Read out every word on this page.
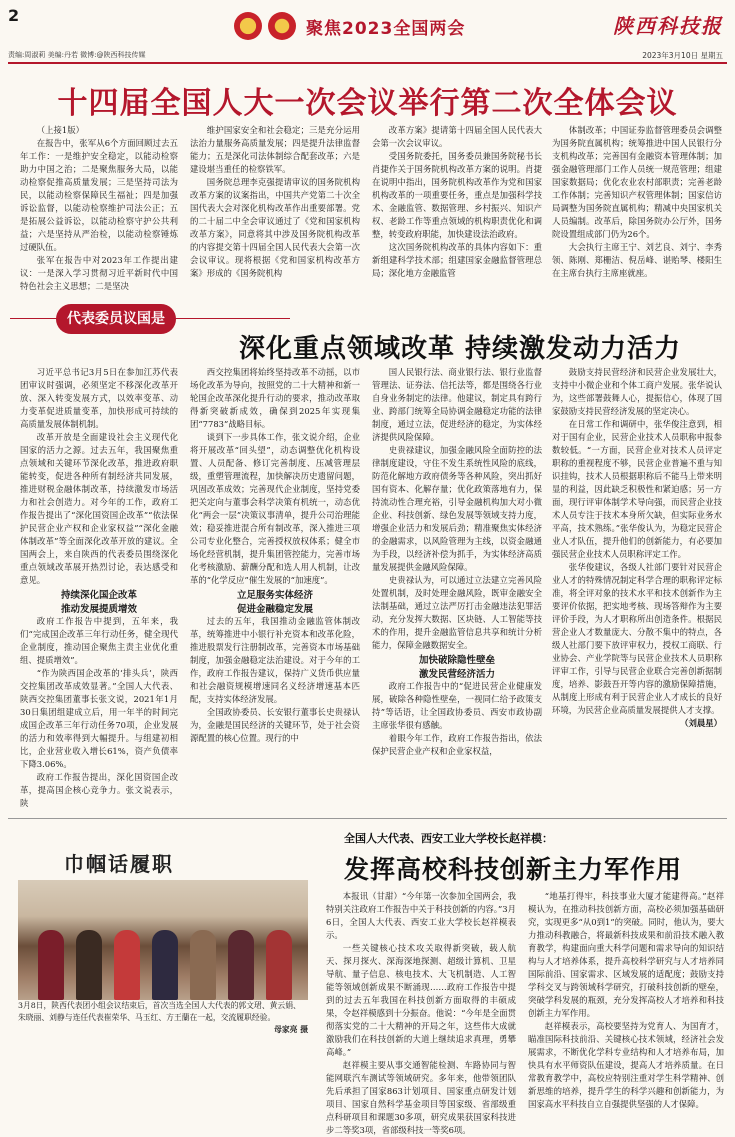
2
聚焦2023全国两会	陕西科技报
责编:周淑莉 美编:丹若 微博:@陕西科技传媒	2023年3月10日 星期五
十四届全国人大一次会议举行第二次全体会议

（上接1版）

在报告中，张军从6个方面回顾过去五年工作：一是维护安全稳定，以能动检察助力中国之治；二是聚焦服务大局，以能动检察促推高质量发展；三是坚持司法为民，以能动检察保障民生福祉；四是加强诉讼监督，以能动检察维护司法公正；五是拓展公益诉讼，以能动检察守护公共利益；六是坚持从严治检，以能动检察锤炼过硬队伍。

张军在报告中对2023年工作提出建议：一是深入学习贯彻习近平新时代中国特色社会主义思想；二是坚决

维护国家安全和社会稳定；三是充分运用法治力量服务高质量发展；四是提升法律监督能力；五是深化司法体制综合配套改革；六是建设堪当重任的检察铁军。

国务院总理李克强提请审议的国务院机构改革方案的议案指出，中国共产党第二十次全国代表大会对深化机构改革作出重要部署。党的二十届二中全会审议通过了《党和国家机构改革方案》，同意将其中涉及国务院机构改革的内容提交第十四届全国人民代表大会第一次会议审议。现将根据《党和国家机构改革方案》形成的《国务院机构

改革方案》提请第十四届全国人民代表大会第一次会议审议。

受国务院委托，国务委员兼国务院秘书长肖捷作关于国务院机构改革方案的说明。肖捷在说明中指出，国务院机构改革作为党和国家机构改革的一项重要任务，重点是加强科学技术、金融监管、数据管理、乡村振兴、知识产权、老龄工作等重点领域的机构职责优化和调整，转变政府职能，加快建设法治政府。

这次国务院机构改革的具体内容如下：重新组建科学技术部；组建国家金融监督管理总局；深化地方金融监管

体制改革；中国证券监督管理委员会调整为国务院直属机构；统筹推进中国人民银行分支机构改革；完善国有金融资本管理体制；加强金融管理部门工作人员统一规范管理；组建国家数据局；优化农业农村部职责；完善老龄工作体制；完善知识产权管理体制；国家信访局调整为国务院直属机构；精减中央国家机关人员编制。改革后，除国务院办公厅外，国务院设置组成部门仍为26个。

大会执行主席王宁、刘艺良、刘宁、李秀领、陈刚、郑栅洁、倪岳峰、谌贻琴、楼阳生在主席台执行主席座就座。

代表委员议国是
深化重点领域改革 持续激发动力活力

习近平总书记3月5日在参加江苏代表团审议时强调，必须坚定不移深化改革开放、深入转变发展方式，以效率变革、动力变革促进质量变革，加快形成可持续的高质量发展体制机制。

改革开放是全面建设社会主义现代化国家的活力之源。过去五年，我国聚焦重点领域和关键环节深化改革，推进政府职能转变，促进各种所有制经济共同发展，推进财税金融体制改革，持续激发市场活力和社会创造力。对今年的工作，政府工作报告提出了“深化国资国企改革”“依法保护民营企业产权和企业家权益”“深化金融体制改革”等全面深化改革开放的建议。全国两会上，来自陕西的代表委员围绕深化重点领域改革展开热烈讨论，表达感受和意见。

持续深化国企改革
推动发展提质增效

政府工作报告中提到，五年来，我们“完成国企改革三年行动任务，健全现代企业制度，推动国企聚焦主责主业优化重组、提质增效”。

“作为陕西国企改革的‘排头兵’，陕西交控集团改革成效显著。”全国人大代表、陕西交控集团董事长张文说，2021年1月30日集团组建成立后，用一年半的时间完成国企改革三年行动任务70项，企业发展的活力和效率得到大幅提升。与组建初相比，企业营业收入增长61%，资产负债率下降3.06%。

政府工作报告提出，深化国资国企改革，提高国企核心竞争力。张文说表示，陕

西交控集团将始终坚持改革不动摇，以市场化改革为导向，按照党的二十大精神和新一轮国企改革深化提升行动的要求，推动改革取得新突破新成效，确保到2025年实现集团“7783”战略目标。

谈到下一步具体工作，张文说介绍，企业将开展改革“回头望”，动态调整优化机构设置、人员配备、修订完善制度、压减管理层级，重塑管理流程，加快解决历史遗留问题，巩固改革成效；完善现代企业制度，坚持党委把关定向与董事会科学决策有机统一，动态优化“两会一层”决策议事清单，提升公司治理能效；稳妥推进混合所有制改革，深入推进三项公司专业化整合，完善授权放权体系；健全市场化经营机制，提升集团管控能力，完善市场化考核激励、薪酬分配和选人用人机制，让改革的“化学反应”催生发展的“加速度”。

立足服务实体经济
促进金融稳定发展

过去的五年，我国推动金融监管体制改革，统筹推进中小银行补充资本和改革化险，推进股票发行注册制改革，完善资本市场基础制度，加强金融稳定法治建设。对于今年的工作，政府工作报告建议，保持广义货币供应量和社会融资规模增速同名义经济增速基本匹配，支持实体经济发展。

全国政协委员、长安银行董事长史贵禄认为，金融是国民经济的关键环节，处于社会资源配置的核心位置。现行的中

国人民银行法、商业银行法、银行业监督管理法、证券法、信托法等，都是围绕各行业自身业务制定的法律。他建议，制定具有跨行业、跨部门统筹全局协调金融稳定功能的法律制度，通过立法，促进经济的稳定，为实体经济提供风险保障。

史贵禄建议，加强金融风险全面防控的法律制度建设，守住不发生系统性风险的底线，防范化解地方政府债务等各种风险，突出抓好国有资本、化解存量；优化政策落地有力，保持流动性合理充裕，引导金融机构加大对小微企业、科技创新、绿色发展等领域支持力度，增强企业活力和发展后劲；精准聚焦实体经济的金融需求，以风险管理为主线，以资金融通为手段，以经济补偿为抓手，为实体经济高质量发展提供金融风险保障。

史贵禄认为，可以通过立法建立完善风险处置机制，及时处理金融风险，既审金融安全法制基础，通过立法严厉打击金融违法犯罪活动，充分发挥大数据、区块链、人工智能等技术的作用，提升金融监管信息共享和统计分析能力，保障金融数据安全。

加快破除隐性壁垒
激发民营经济活力

政府工作报告中的“促进民营企业健康发展，破除各种隐性壁垒，一视同仁给予政策支持”等话语，让全国政协委员、西安市政协副主席张华很有感触。

着眼今年工作，政府工作报告指出，依法保护民营企业产权和企业家权益，

鼓励支持民营经济和民营企业发展壮大，支持中小微企业和个体工商户发展。张华说认为，这些部署鼓舞人心，提振信心，体现了国家鼓励支持民营经济发展的坚定决心。

在日常工作和调研中，张华俊注意到，相对于国有企业，民营企业技术人员职称申报参数较低。“一方面，民营企业对技术人员评定职称的重视程度不够，民营企业普遍不重与知识挂钩，技术人员根据职称后不能马上带来明显的利益，因此缺乏积极性和紧迫感；另一方面，现行评审体制学术导向强，而民营企业技术人员专注于技术本身所欠缺，但实际业务水平高，技术熟练。”张华俊认为，为稳定民营企业人才队伍，提升他们的创新能力，有必要加强民营企业技术人员职称评定工作。

张华俊建议，各级人社部门要针对民营企业人才的特殊情况制定科学合理的职称评定标准，将全评对象的技术水平和技术创新作为主要评价依据，把实地考核、现场答辩作为主要评价手段，为人才职称所出创造条件。根据民营企业人才数量庞大、分散不集中的特点，各级人社部门要下放评审权力，授权工商联、行业协会、产业学院等与民营企业技术人员职称评审工作，引导与民营企业联合完善创新据制度，培养、影鼓吾开等内容的激励保障措施，从制度上形成有利于民营企业人才成长的良好环境，为民营企业高质量发展提供人才支撑。

（刘晨星）

巾帼话履职
3月8日，陕西代表团小组会议结束后，首次当选全国人大代表的郭文珺、黄云娟、朱晓丽、刘静与连任代表崔荣华、马玉红、方王蘭在一起，交流履职经验。
母家亮 摄
全国人大代表、西安工业大学校长赵祥模：
发挥高校科技创新主力军作用

本报讯（甘甜）“今年第一次参加全国两会，我特别关注政府工作报告中关于科技创新的内容。”3月6日，全国人大代表、西安工业大学校长赵祥模表示。

一些关键核心技术攻关取得新突破，载人航天、探月探火、深海深地探测、超级计算机、卫星导航、量子信息、核电技术、大飞机制造、人工智能等领域创新成果不断涌现……政府工作报告中提到的过去五年我国在科技创新方面取得的丰硕成果，令赵祥模感到十分振奋。他说：“今年是全面贯彻落实党的二十大精神的开局之年，这些伟大成就激励我们在科技创新的大道上继续追求真理，勇攀高峰。”

赵祥模主要从事交通智能检测、车路协同与智能网联汽车测试等领域研究。多年来，他带领团队先后承担了国家863计划项目、国家重点研发计划项目、国家自然科学基金项目等国家级、省部级重点科研项目和课题30多项，研究成果获国家科技进步二等奖3项，省部级科技一等奖6项。

“地基打得牢，科技事业大厦才能建得高。”赵祥模认为，在推动科技创新方面，高校必须加强基础研究，实现更多“从0到1”的突破。同时，他认为，要大力推动科教融合，将最新科技成果和前沿技术融入教育教学，构建面向重大科学问题和需求导向的知识结构与人才培养体系，提升高校科学研究与人才培养同国际前沿、国家需求、区域发展的适配度；鼓励支持学科交叉与跨领域科学研究，打破科技创新的壁垒，突破学科发展的瓶颈，充分发挥高校人才培养和科技创新主力军作用。

赵祥模表示，高校要坚持为党育人、为国育才，瞄准国际科技前沿、关键核心技术领域，经济社会发展需求，不断优化学科专业结构和人才培养布局，加快具有水平师资队伍建设，提高人才培养质量。在日常教育教学中，高校应特别注重对学生科学精神、创新思维的培养，提升学生的科学兴趣和创新能力，为国家高水平科技自立自强提供坚强的人才保障。
